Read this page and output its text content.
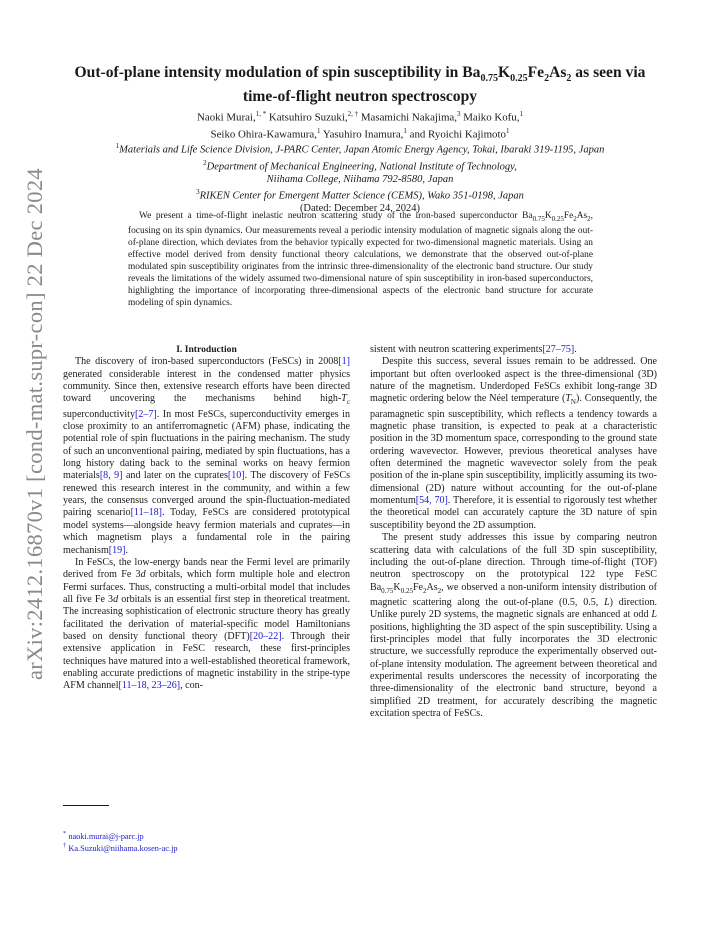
arXiv:2412.16870v1 [cond-mat.supr-con] 22 Dec 2024
Out-of-plane intensity modulation of spin susceptibility in $Ba_{0.75}K_{0.25}Fe_2As_2$ as seen via
time-of-flight neutron spectroscopy
Naoki Murai,$^{1, *}$ Katsuhiro Suzuki,$^{2, \dagger}$ Masamichi Nakajima,$^3$ Maiko Kofu,$^1$
Seiko Ohira-Kawamura,$^1$ Yasuhiro Inamura,$^1$ and Ryoichi Kajimoto$^1$
$^1$Materials and Life Science Division, J-PARC Center, Japan Atomic Energy Agency, Tokai, Ibaraki 319-1195, Japan
$^2$Department of Mechanical Engineering, National Institute of Technology,
Niihama College, Niihama 792-8580, Japan
$^3$RIKEN Center for Emergent Matter Science (CEMS), Wako 351-0198, Japan
(Dated: December 24, 2024)
We present a time-of-flight inelastic neutron scattering study of the iron-based superconductor $Ba_{0.75}K_{0.25}Fe_2As_2$, focusing on its spin dynamics. Our measurements reveal a periodic intensity modulation of magnetic signals along the out-of-plane direction, which deviates from the behavior typically expected for two-dimensional magnetic materials. Using an effective model derived from density functional theory calculations, we demonstrate that the observed out-of-plane modulated spin susceptibility originates from the intrinsic three-dimensionality of the electronic band structure. Our study reveals the limitations of the widely assumed two-dimensional nature of spin susceptibility in iron-based superconductors, highlighting the importance of incorporating three-dimensional aspects of the electronic band structure for accurate modeling of spin dynamics.

I. Introduction

The discovery of iron-based superconductors (FeSCs) in 2008[1] generated considerable interest in the condensed matter physics community. Since then, extensive research efforts have been directed toward uncovering the mechanisms behind high-$T_c$ superconductivity[2–7]. In most FeSCs, superconductivity emerges in close proximity to an antiferromagnetic (AFM) phase, indicating the potential role of spin fluctuations in the pairing mechanism. The study of such an unconventional pairing, mediated by spin fluctuations, has a long history dating back to the seminal works on heavy fermion materials[8, 9] and later on the cuprates[10]. The discovery of FeSCs renewed this research interest in the community, and within a few years, the consensus converged around the spin-fluctuation-mediated pairing scenario[11–18]. Today, FeSCs are considered prototypical model systems—alongside heavy fermion materials and cuprates—in which magnetism plays a fundamental role in the pairing mechanism[19].

In FeSCs, the low-energy bands near the Fermi level are primarily derived from Fe 3d orbitals, which form multiple hole and electron Fermi surfaces. Thus, constructing a multi-orbital model that includes all five Fe 3d orbitals is an essential first step in theoretical treatment. The increasing sophistication of electronic structure theory has greatly facilitated the derivation of material-specific model Hamiltonians based on density functional theory (DFT)[20–22]. Through their extensive application in FeSC research, these first-principles techniques have matured into a well-established theoretical framework, enabling accurate predictions of magnetic instability in the stripe-type AFM channel[11–18, 23–26], con-

sistent with neutron scattering experiments[27–75].

Despite this success, several issues remain to be addressed. One important but often overlooked aspect is the three-dimensional (3D) nature of the magnetism. Underdoped FeSCs exhibit long-range 3D magnetic ordering below the Néel temperature $(T_N)$. Consequently, the paramagnetic spin susceptibility, which reflects a tendency towards a magnetic phase transition, is expected to peak at a characteristic position in the 3D momentum space, corresponding to the ground state ordering wavevector. However, previous theoretical analyses have often determined the magnetic wavevector solely from the peak position of the in-plane spin susceptibility, implicitly assuming its two-dimensional (2D) nature without accounting for the out-of-plane momentum[54, 70]. Therefore, it is essential to rigorously test whether the theoretical model can accurately capture the 3D nature of spin susceptibility beyond the 2D assumption.

The present study addresses this issue by comparing neutron scattering data with calculations of the full 3D spin susceptibility, including the out-of-plane direction. Through time-of-flight (TOF) neutron spectroscopy on the prototypical 122 type FeSC $Ba_{0.75}K_{0.25}Fe_2As_2$, we observed a non-uniform intensity distribution of magnetic scattering along the out-of-plane (0.5, 0.5, L) direction. Unlike purely 2D systems, the magnetic signals are enhanced at odd L positions, highlighting the 3D aspect of the spin susceptibility. Using a first-principles model that fully incorporates the 3D electronic structure, we successfully reproduce the experimentally observed out-of-plane intensity modulation. The agreement between theoretical and experimental results underscores the necessity of incorporating the three-dimensionality of the electronic band structure, beyond a simplified 2D treatment, for accurately describing the magnetic excitation spectra of FeSCs.

* naoki.murai@j-parc.jp
† Ka.Suzuki@niihama.kosen-ac.jp
